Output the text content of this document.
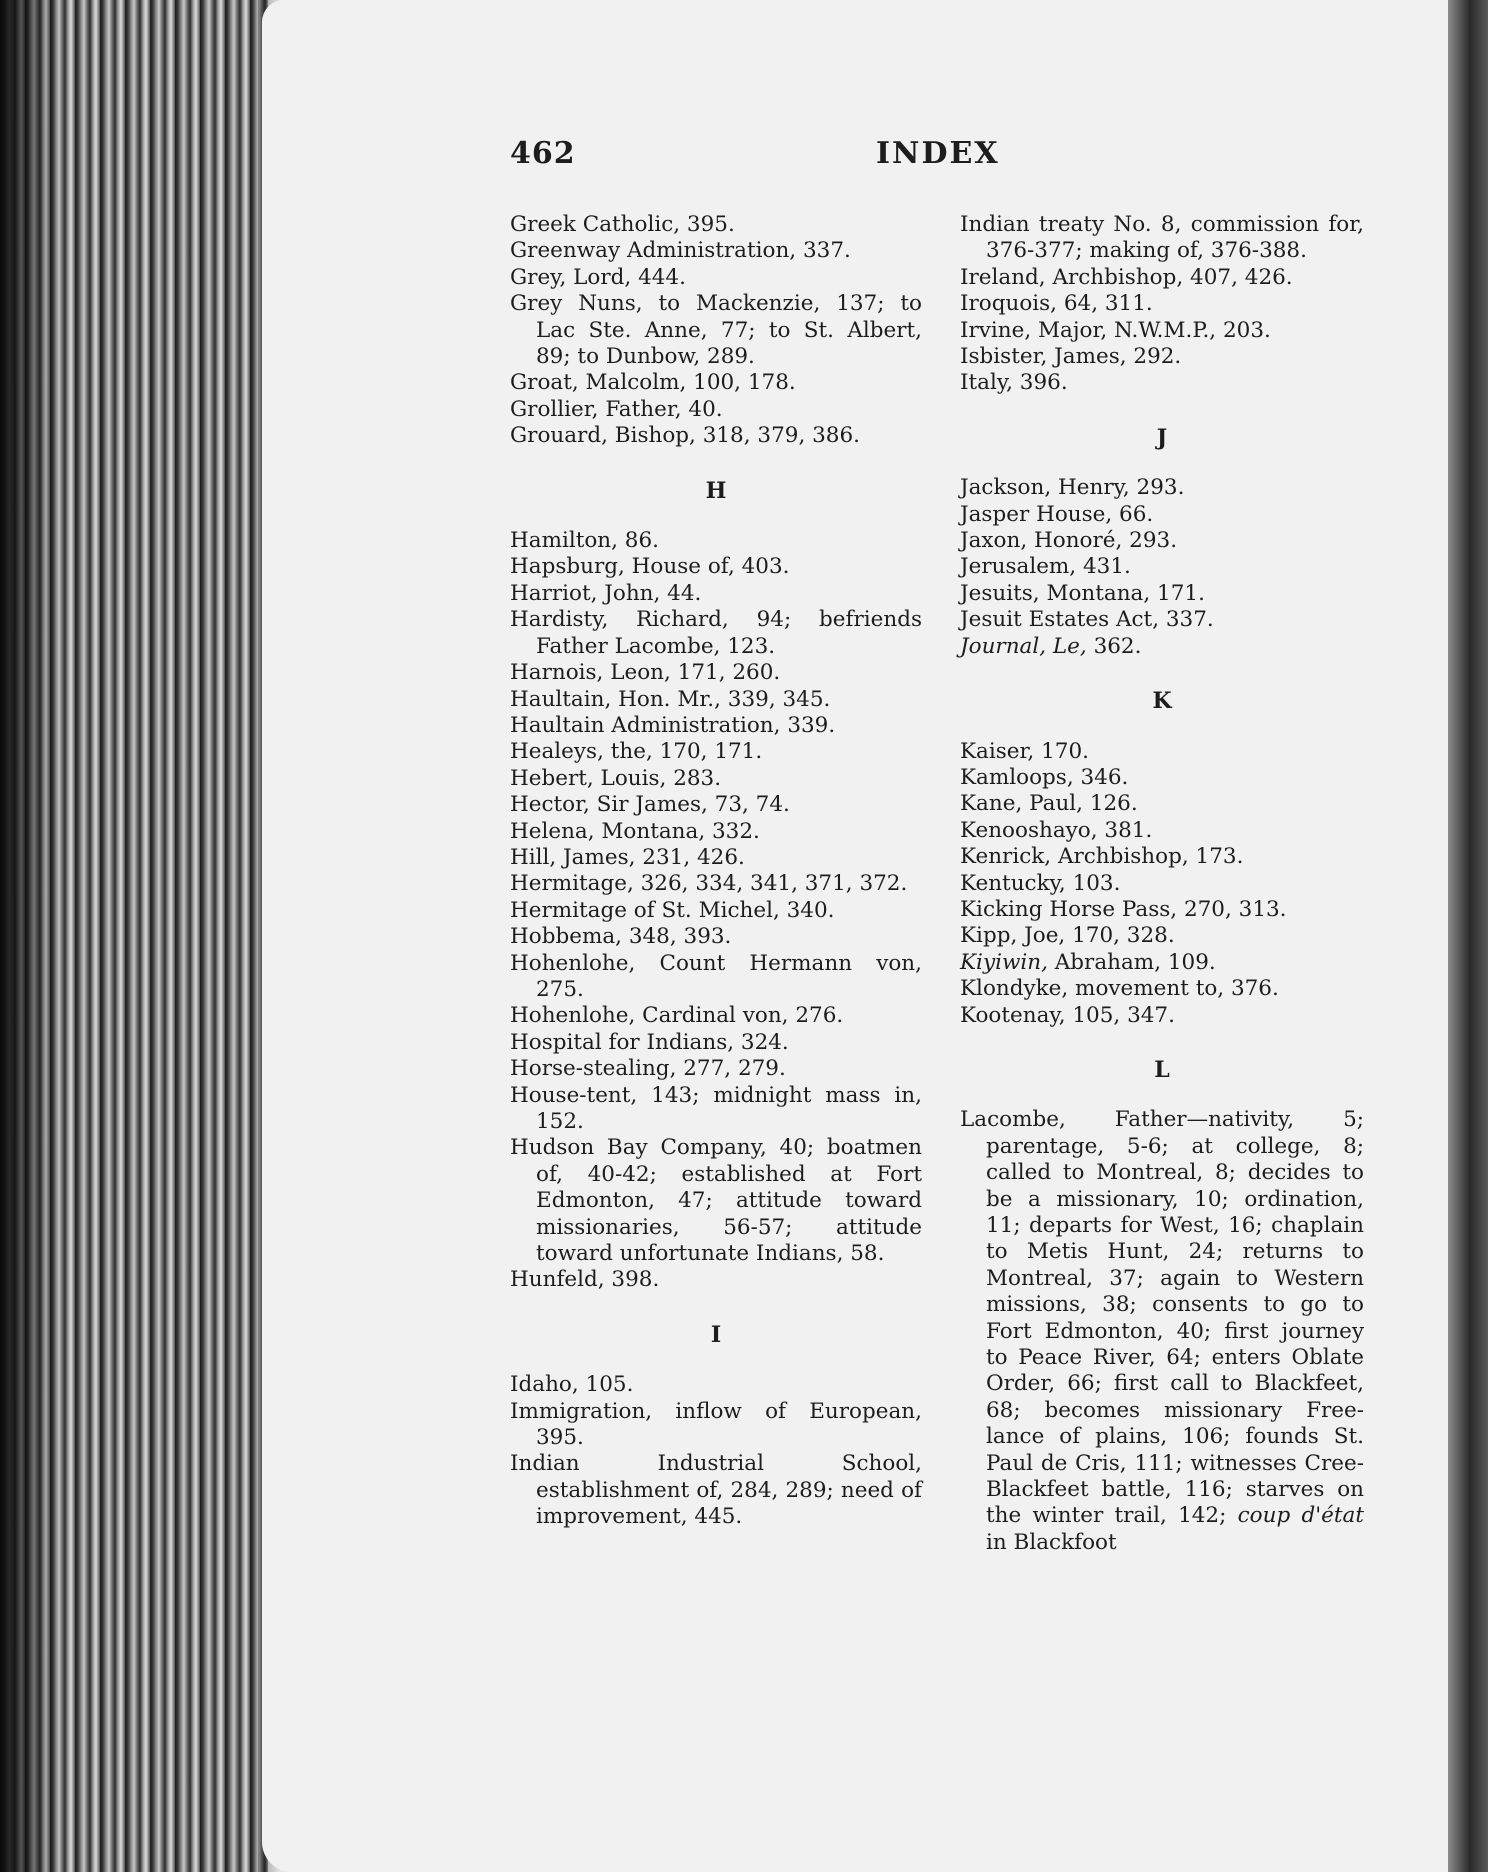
462	INDEX

Greek Catholic, 395.

Greenway Administration, 337.

Grey, Lord, 444.

Grey Nuns, to Mackenzie, 137; to Lac Ste. Anne, 77; to St. Albert, 89; to Dunbow, 289.

Groat, Malcolm, 100, 178.

Grollier, Father, 40.

Grouard, Bishop, 318, 379, 386.

H

Hamilton, 86.

Hapsburg, House of, 403.

Harriot, John, 44.

Hardisty, Richard, 94; befriends Father Lacombe, 123.

Harnois, Leon, 171, 260.

Haultain, Hon. Mr., 339, 345.

Haultain Administration, 339.

Healeys, the, 170, 171.

Hebert, Louis, 283.

Hector, Sir James, 73, 74.

Helena, Montana, 332.

Hill, James, 231, 426.

Hermitage, 326, 334, 341, 371, 372.

Hermitage of St. Michel, 340.

Hobbema, 348, 393.

Hohenlohe, Count Hermann von, 275.

Hohenlohe, Cardinal von, 276.

Hospital for Indians, 324.

Horse-stealing, 277, 279.

House-tent, 143; midnight mass in, 152.

Hudson Bay Company, 40; boatmen of, 40-42; established at Fort Edmonton, 47; attitude toward missionaries, 56-57; attitude toward unfortunate Indians, 58.

Hunfeld, 398.

I

Idaho, 105.

Immigration, inflow of European, 395.

Indian Industrial School, establishment of, 284, 289; need of improvement, 445.

Indian treaty No. 8, commission for, 376-377; making of, 376-388.

Ireland, Archbishop, 407, 426.

Iroquois, 64, 311.

Irvine, Major, N.W.M.P., 203.

Isbister, James, 292.

Italy, 396.

J

Jackson, Henry, 293.

Jasper House, 66.

Jaxon, Honoré, 293.

Jerusalem, 431.

Jesuits, Montana, 171.

Jesuit Estates Act, 337.

Journal, Le, 362.

K

Kaiser, 170.

Kamloops, 346.

Kane, Paul, 126.

Kenooshayo, 381.

Kenrick, Archbishop, 173.

Kentucky, 103.

Kicking Horse Pass, 270, 313.

Kipp, Joe, 170, 328.

Kiyiwin, Abraham, 109.

Klondyke, movement to, 376.

Kootenay, 105, 347.

L

Lacombe, Father—nativity, 5; parentage, 5-6; at college, 8; called to Montreal, 8; decides to be a missionary, 10; ordination, 11; departs for West, 16; chaplain to Metis Hunt, 24; returns to Montreal, 37; again to Western missions, 38; consents to go to Fort Edmonton, 40; first journey to Peace River, 64; enters Oblate Order, 66; first call to Blackfeet, 68; becomes missionary Free-lance of plains, 106; founds St. Paul de Cris, 111; witnesses Cree-Blackfeet battle, 116; starves on the winter trail, 142; coup d'état in Blackfoot
